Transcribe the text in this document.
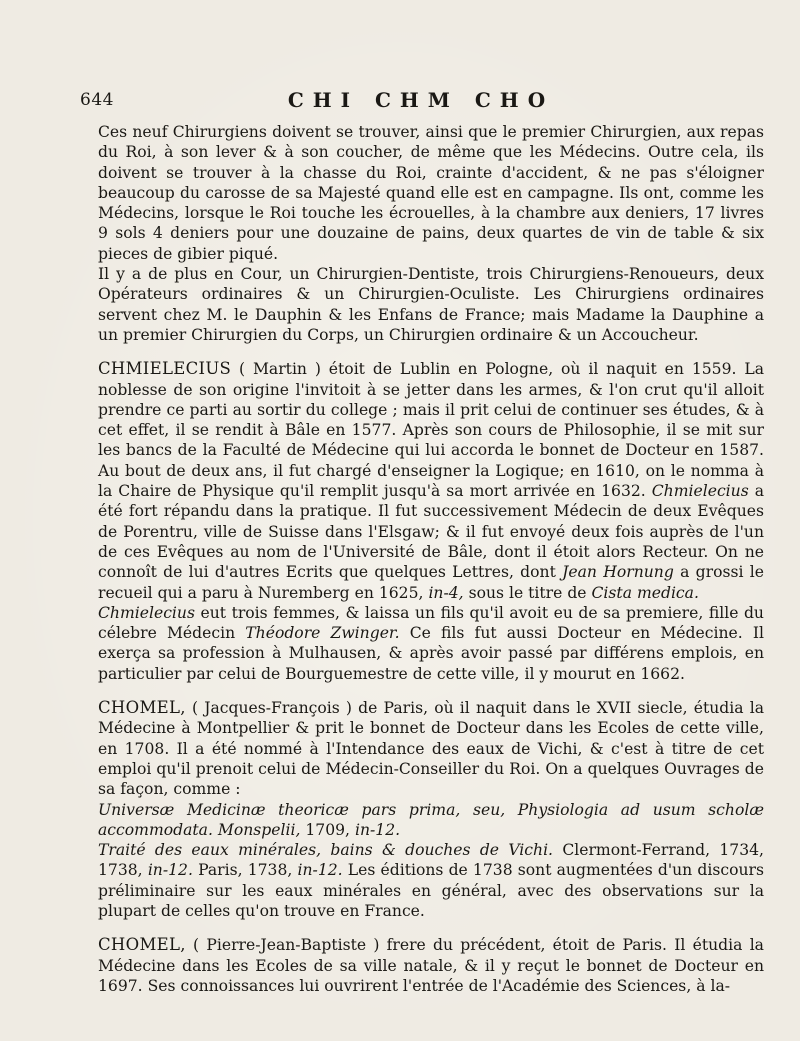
644	CHI CHM CHO

Ces neuf Chirurgiens doivent se trouver, ainsi que le premier Chirurgien, aux repas du Roi, à son lever & à son coucher, de même que les Médecins. Outre cela, ils doivent se trouver à la chasse du Roi, crainte d'accident, & ne pas s'éloigner beaucoup du carosse de sa Majesté quand elle est en campagne. Ils ont, comme les Médecins, lorsque le Roi touche les écrouelles, à la chambre aux deniers, 17 livres 9 sols 4 deniers pour une douzaine de pains, deux quartes de vin de table & six pieces de gibier piqué.

Il y a de plus en Cour, un Chirurgien-Dentiste, trois Chirurgiens-Renoueurs, deux Opérateurs ordinaires & un Chirurgien-Oculiste. Les Chirurgiens ordinaires servent chez M. le Dauphin & les Enfans de France; mais Madame la Dauphine a un premier Chirurgien du Corps, un Chirurgien ordinaire & un Accoucheur.

CHMIELECIUS ( Martin ) étoit de Lublin en Pologne, où il naquit en 1559. La noblesse de son origine l'invitoit à se jetter dans les armes, & l'on crut qu'il alloit prendre ce parti au sortir du college ; mais il prit celui de continuer ses études, & à cet effet, il se rendit à Bâle en 1577. Après son cours de Philosophie, il se mit sur les bancs de la Faculté de Médecine qui lui accorda le bonnet de Docteur en 1587. Au bout de deux ans, il fut chargé d'enseigner la Logique; en 1610, on le nomma à la Chaire de Physique qu'il remplit jusqu'à sa mort arrivée en 1632. Chmielecius a été fort répandu dans la pratique. Il fut successivement Médecin de deux Evêques de Porentru, ville de Suisse dans l'Elsgaw; & il fut envoyé deux fois auprès de l'un de ces Evêques au nom de l'Université de Bâle, dont il étoit alors Recteur. On ne connoît de lui d'autres Ecrits que quelques Lettres, dont Jean Hornung a grossi le recueil qui a paru à Nuremberg en 1625, in-4, sous le titre de Cista medica.

Chmielecius eut trois femmes, & laissa un fils qu'il avoit eu de sa premiere, fille du célebre Médecin Théodore Zwinger. Ce fils fut aussi Docteur en Médecine. Il exerça sa profession à Mulhausen, & après avoir passé par différens emplois, en particulier par celui de Bourguemestre de cette ville, il y mourut en 1662.

CHOMEL, ( Jacques-François ) de Paris, où il naquit dans le XVII siecle, étudia la Médecine à Montpellier & prit le bonnet de Docteur dans les Ecoles de cette ville, en 1708. Il a été nommé à l'Intendance des eaux de Vichi, & c'est à titre de cet emploi qu'il prenoit celui de Médecin-Conseiller du Roi. On a quelques Ouvrages de sa façon, comme :

Universæ Medicinæ theoricæ pars prima, seu, Physiologia ad usum scholæ accommodata. Monspelii, 1709, in-12.

Traité des eaux minérales, bains & douches de Vichi. Clermont-Ferrand, 1734, 1738, in-12. Paris, 1738, in-12. Les éditions de 1738 sont augmentées d'un discours préliminaire sur les eaux minérales en général, avec des observations sur la plupart de celles qu'on trouve en France.

CHOMEL, ( Pierre-Jean-Baptiste ) frere du précédent, étoit de Paris. Il étudia la Médecine dans les Ecoles de sa ville natale, & il y reçut le bonnet de Docteur en 1697. Ses connoissances lui ouvrirent l'entrée de l'Académie des Sciences, à la-
